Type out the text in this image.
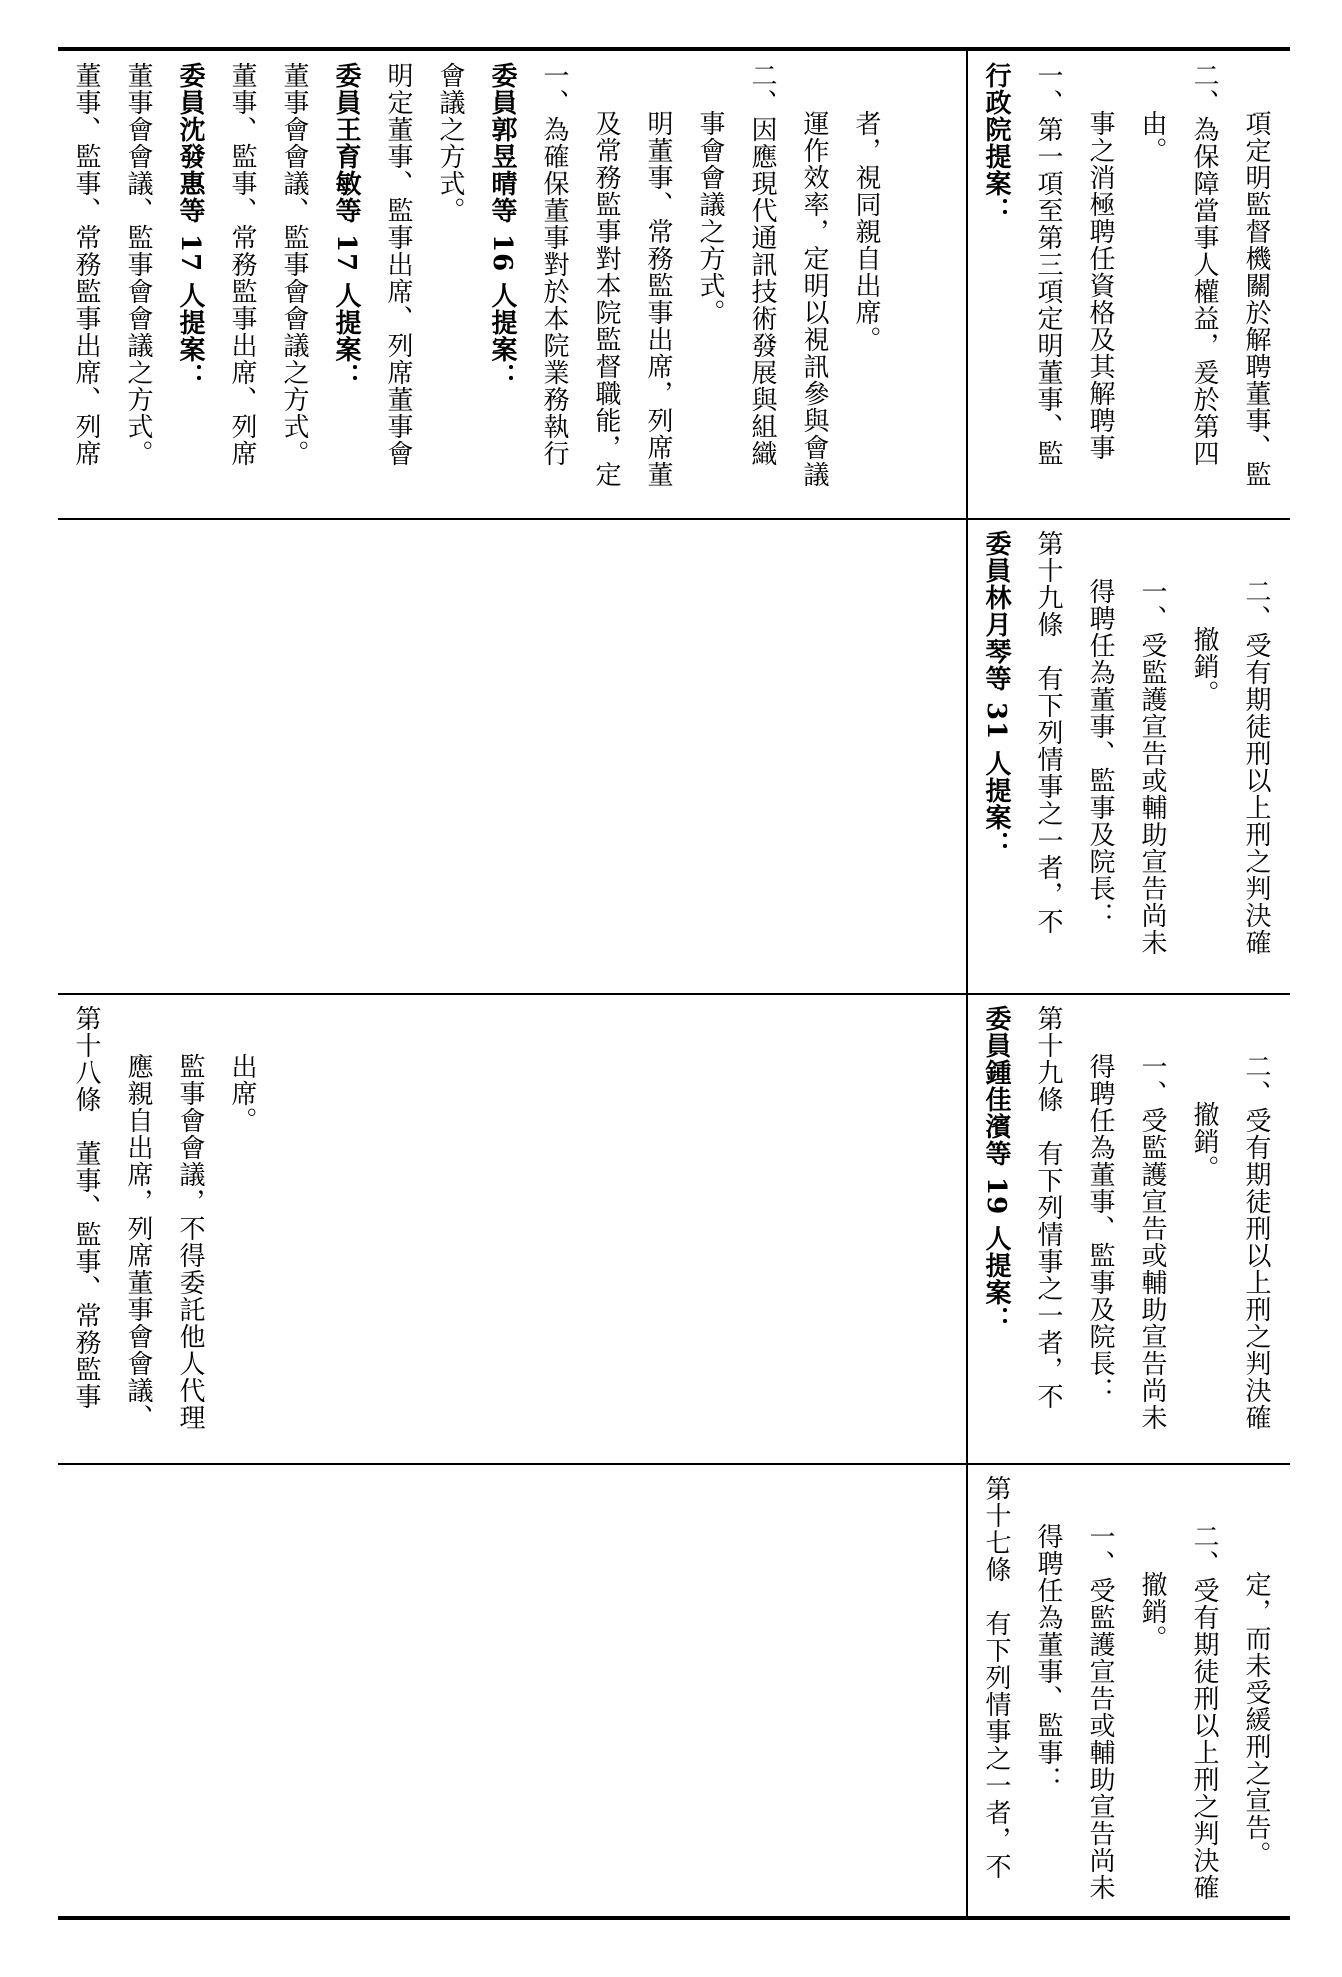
董事、監事、常務監事出席、列席 董事會會議、監事會會議之方式。 委員沈發惠等 17 人提案： 董事、監事、常務監事出席、列席 董事會會議、監事會會議之方式。 委員王育敏等 17 人提案： 明定董事、監事出席、列席董事會 會議之方式。 委員郭昱晴等 16 人提案： 一、為確保董事對於本院業務執行 及常務監事對本院監督職能，定 明董事、常務監事出席，列席董 事會會議之方式。 二、因應現代通訊技術發展與組織 運作效率，定明以視訊參與會議 者，視同親自出席。

第十八條　董事、監事、常務監事 應親自出席，列席董事會會議、 監事會會議，不得委託他人代理 出席。

行政院提案： 一、第一項至第三項定明董事、監 事之消極聘任資格及其解聘事 由。 二、為保障當事人權益，爰於第四 項定明監督機關於解聘董事、監

委員林月琴等 31 人提案： 第十九條　有下列情事之一者，不 得聘任為董事、監事及院長： 一、受監護宣告或輔助宣告尚未 撤銷。 二、受有期徒刑以上刑之判決確

委員鍾佳濱等 19 人提案： 第十九條　有下列情事之一者，不 得聘任為董事、監事及院長： 一、受監護宣告或輔助宣告尚未 撤銷。 二、受有期徒刑以上刑之判決確

第十七條　有下列情事之一者，不 得聘任為董事、監事： 一、受監護宣告或輔助宣告尚未 撤銷。 二、受有期徒刑以上刑之判決確 定，而未受緩刑之宣告。
